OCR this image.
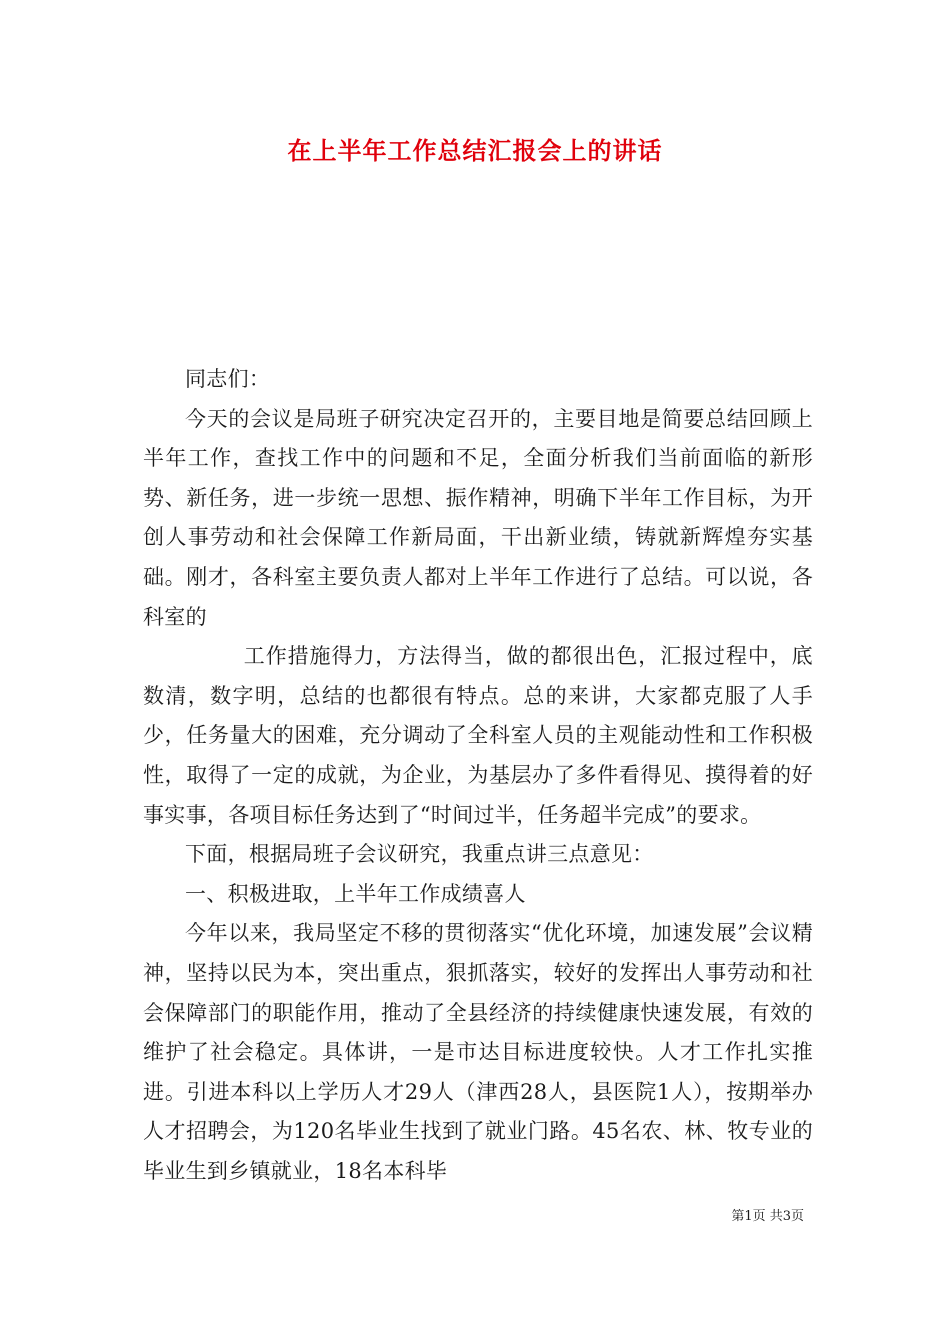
在上半年工作总结汇报会上的讲话

同志们：

今天的会议是局班子研究决定召开的，主要目地是简要总结回顾上半年工作，查找工作中的问题和不足，全面分析我们当前面临的新形势、新任务，进一步统一思想、振作精神，明确下半年工作目标，为开创人事劳动和社会保障工作新局面，干出新业绩，铸就新辉煌夯实基础。刚才，各科室主要负责人都对上半年工作进行了总结。可以说，各科室的

工作措施得力，方法得当，做的都很出色，汇报过程中，底数清，数字明，总结的也都很有特点。总的来讲，大家都克服了人手少，任务量大的困难，充分调动了全科室人员的主观能动性和工作积极性，取得了一定的成就，为企业，为基层办了多件看得见、摸得着的好事实事，各项目标任务达到了“时间过半，任务超半完成”的要求。

下面，根据局班子会议研究，我重点讲三点意见：

一、积极进取，上半年工作成绩喜人

今年以来，我局坚定不移的贯彻落实“优化环境，加速发展”会议精神，坚持以民为本，突出重点，狠抓落实，较好的发挥出人事劳动和社会保障部门的职能作用，推动了全县经济的持续健康快速发展，有效的维护了社会稳定。具体讲，一是市达目标进度较快。人才工作扎实推进。引进本科以上学历人才29人（津西28人，县医院1人），按期举办人才招聘会，为120名毕业生找到了就业门路。45名农、林、牧专业的毕业生到乡镇就业，18名本科毕

第1页 共3页
